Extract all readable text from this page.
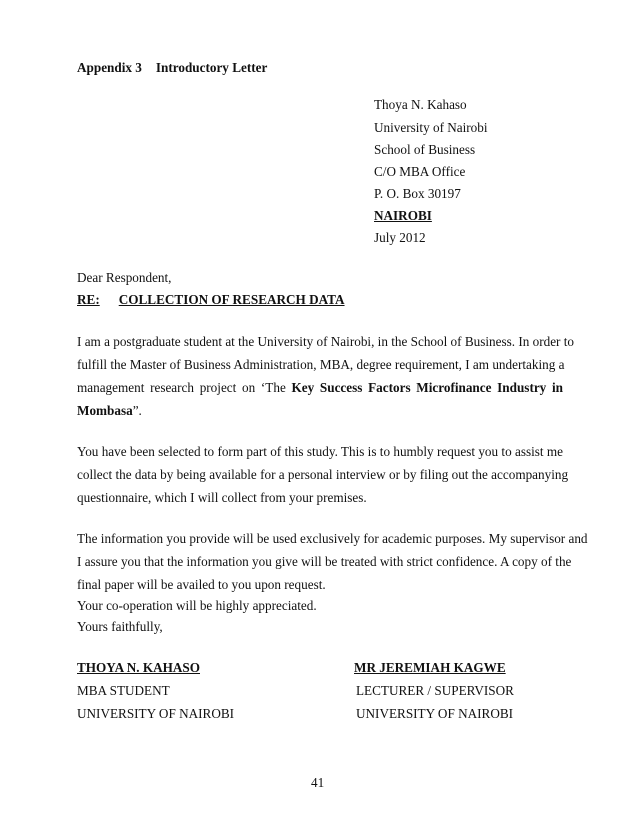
Appendix 3 Introductory Letter
Thoya N. Kahaso
University of Nairobi
School of Business
C/O MBA Office
P. O. Box 30197
NAIROBI
July 2012
Dear Respondent,
RE: COLLECTION OF RESEARCH DATA
I am a postgraduate student at the University of Nairobi, in the School of Business. In order to
fulfill the Master of Business Administration, MBA, degree requirement, I am undertaking a
management research project on ‘The Key Success Factors Microfinance Industry in
Mombasa”.
You have been selected to form part of this study. This is to humbly request you to assist me
collect the data by being available for a personal interview or by filing out the accompanying
questionnaire, which I will collect from your premises.
The information you provide will be used exclusively for academic purposes. My supervisor and
I assure you that the information you give will be treated with strict confidence. A copy of the
final paper will be availed to you upon request.
Your co-operation will be highly appreciated.
Yours faithfully,
THOYA N. KAHASO
MBA STUDENT
UNIVERSITY OF NAIROBI
MR JEREMIAH KAGWE
LECTURER / SUPERVISOR
UNIVERSITY OF NAIROBI
41
